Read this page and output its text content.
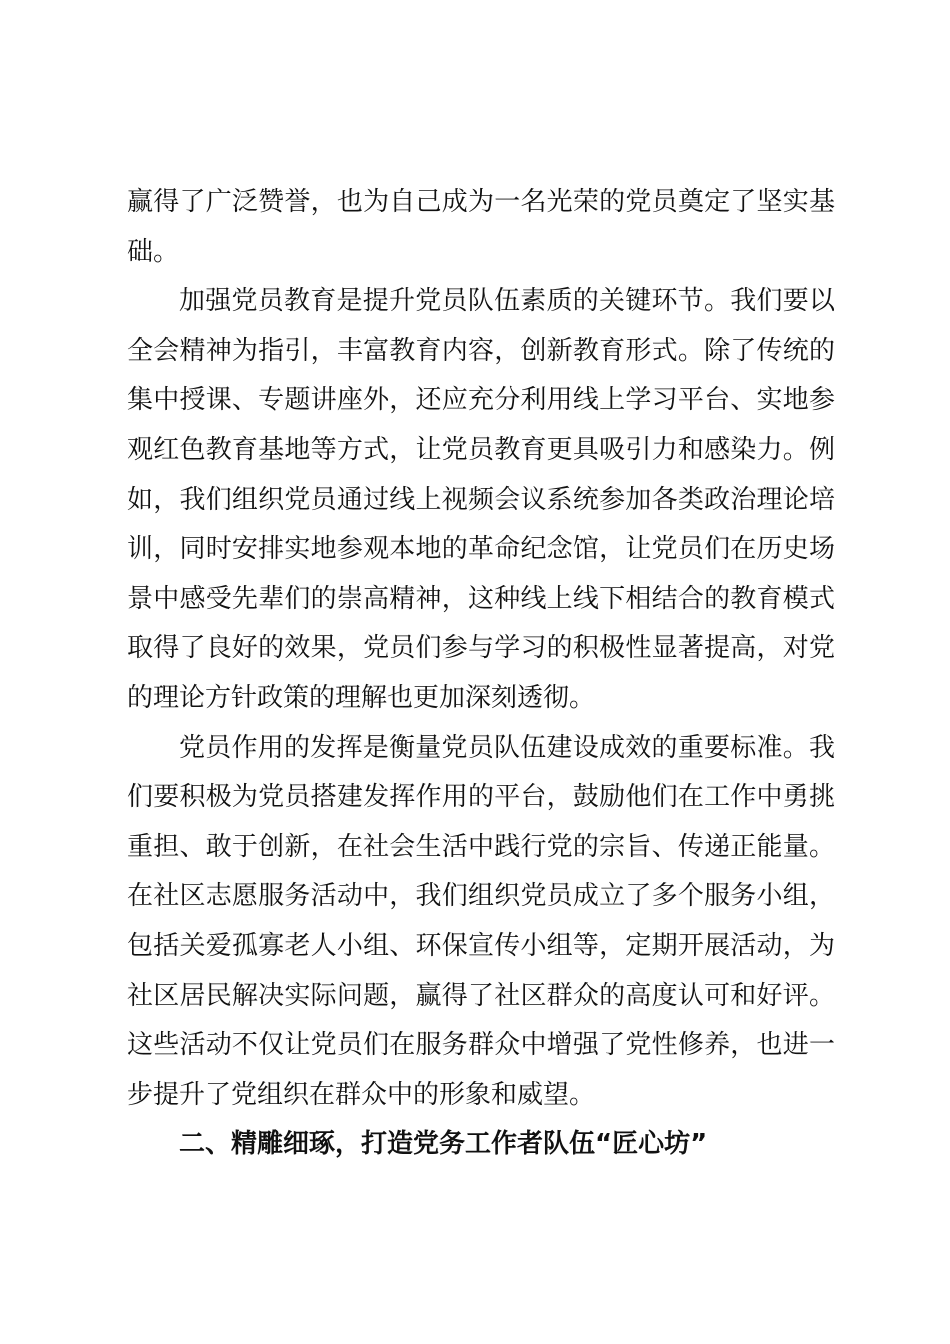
赢得了广泛赞誉，也为自己成为一名光荣的党员奠定了坚实基础。

加强党员教育是提升党员队伍素质的关键环节。我们要以全会精神为指引，丰富教育内容，创新教育形式。除了传统的集中授课、专题讲座外，还应充分利用线上学习平台、实地参观红色教育基地等方式，让党员教育更具吸引力和感染力。例如，我们组织党员通过线上视频会议系统参加各类政治理论培训，同时安排实地参观本地的革命纪念馆，让党员们在历史场景中感受先辈们的崇高精神，这种线上线下相结合的教育模式取得了良好的效果，党员们参与学习的积极性显著提高，对党的理论方针政策的理解也更加深刻透彻。

党员作用的发挥是衡量党员队伍建设成效的重要标准。我们要积极为党员搭建发挥作用的平台，鼓励他们在工作中勇挑重担、敢于创新，在社会生活中践行党的宗旨、传递正能量。在社区志愿服务活动中，我们组织党员成立了多个服务小组，包括关爱孤寡老人小组、环保宣传小组等，定期开展活动，为社区居民解决实际问题，赢得了社区群众的高度认可和好评。这些活动不仅让党员们在服务群众中增强了党性修养，也进一步提升了党组织在群众中的形象和威望。

二、精雕细琢，打造党务工作者队伍“匠心坊”
